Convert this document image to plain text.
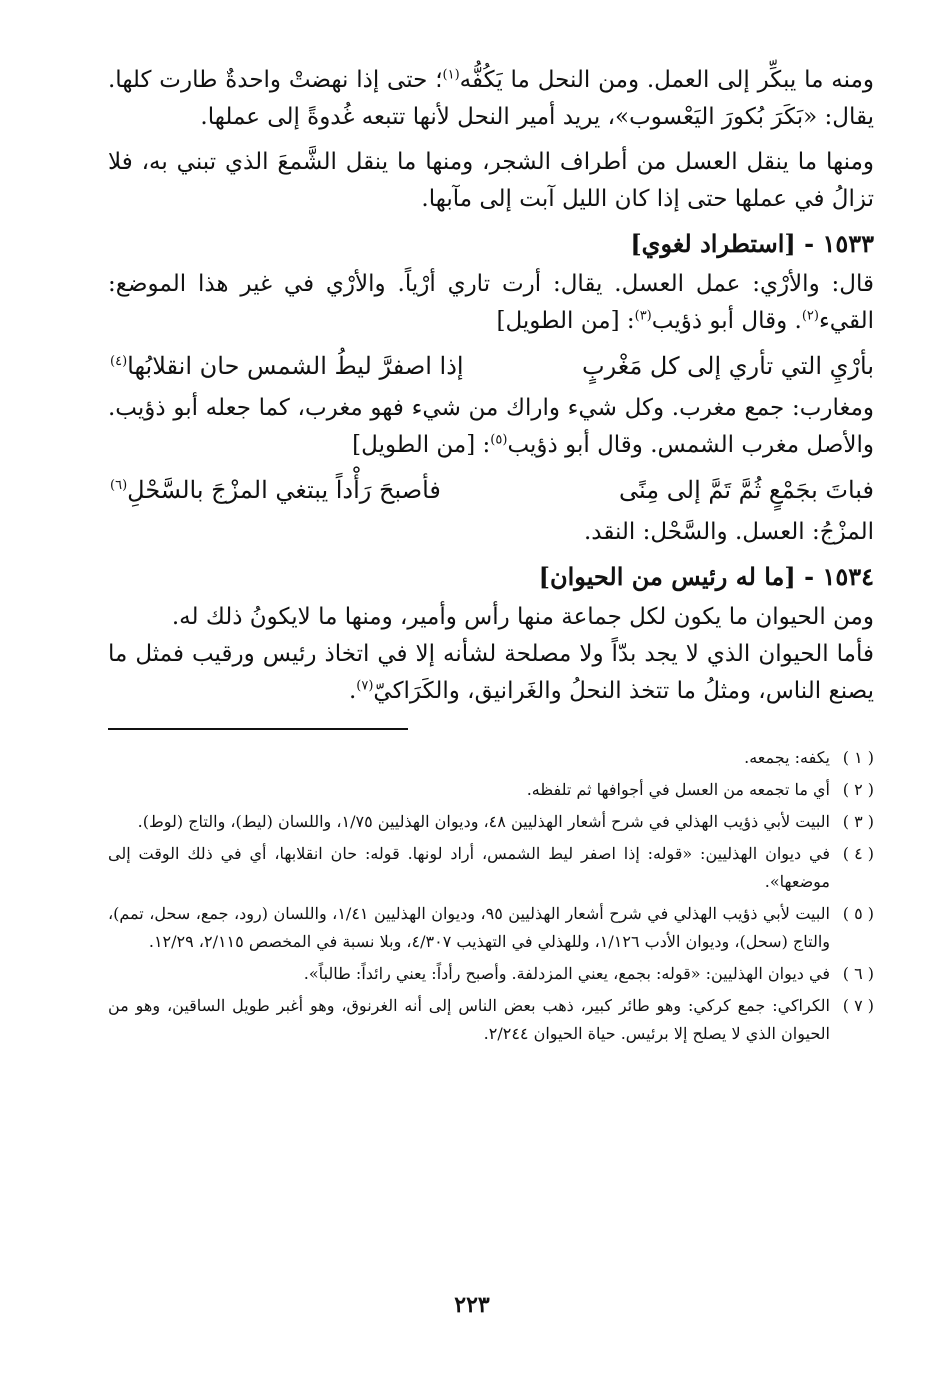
ومنه ما يبكِّر إلى العمل. ومن النحل ما يَكُفُّه$^{(١)}$؛ حتى إذا نهضتْ واحدةٌ طارت كلها. يقال: «بَكَرَ بُكورَ اليَعْسوب»، يريد أمير النحل لأنها تتبعه غُدوةً إلى عملها.

ومنها ما ينقل العسل من أطراف الشجر، ومنها ما ينقل الشَّمعَ الذي تبني به، فلا تزالُ في عملها حتى إذا كان الليل آبت إلى مآبها.

١٥٣٣ - [استطراد لغوي]

قال: والأرْي: عمل العسل. يقال: أرت تاري أرْياً. والأرْي في غير هذا الموضع: القيء$^{(٢)}$. وقال أبو ذؤيب$^{(٣)}$: [من الطويل]

بأرْيِ التي تأري إلى كل مَغْربٍ
إذا اصفرَّ ليطُ الشمس حان انقلابُها$^{(٤)}$

ومغارب: جمع مغرب. وكل شيء واراك من شيء فهو مغرب، كما جعله أبو ذؤيب. والأصل مغرب الشمس. وقال أبو ذؤيب$^{(٥)}$: [من الطويل]

فباتَ بجَمْعٍ ثُمَّ تَمَّ إلى مِنًى
فأصبحَ رَأْداً يبتغي المزْجَ بالسَّحْلِ$^{(٦)}$

المزْجُ: العسل. والسَّحْل: النقد.

١٥٣٤ - [ما له رئيس من الحيوان]

ومن الحيوان ما يكون لكل جماعة منها رأس وأمير، ومنها ما لايكونُ ذلك له.

فأما الحيوان الذي لا يجد بدّاً ولا مصلحة لشأنه إلا في اتخاذ رئيس ورقيب فمثل ما يصنع الناس، ومثلُ ما تتخذ النحلُ والغَرانيق، والكَرَاكيّ$^{(٧)}$.

( ١ )
يكفه: يجمعه.
( ٢ )
أي ما تجمعه من العسل في أجوافها ثم تلفظه.
( ٣ )
البيت لأبي ذؤيب الهذلي في شرح أشعار الهذليين ٤٨، وديوان الهذليين ١/٧٥، واللسان (ليط)، والتاج (لوط).
( ٤ )
في ديوان الهذليين: «قوله: إذا اصفر ليط الشمس، أراد لونها. قوله: حان انقلابها، أي في ذلك الوقت إلى موضعها».
( ٥ )
البيت لأبي ذؤيب الهذلي في شرح أشعار الهذليين ٩٥، وديوان الهذليين ١/٤١، واللسان (رود، جمع، سحل، تمم)، والتاج (سحل)، وديوان الأدب ١/١٢٦، وللهذلي في التهذيب ٤/٣٠٧، وبلا نسبة في المخصص ٢/١١٥، ١٢/٢٩.
( ٦ )
في ديوان الهذليين: «قوله: بجمع، يعني المزدلفة. وأصبح رأداً: يعني رائداً: طالباً».
( ٧ )
الكراكي: جمع كركي: وهو طائر كبير، ذهب بعض الناس إلى أنه الغرنوق، وهو أغبر طويل الساقين، وهو من الحيوان الذي لا يصلح إلا برئيس. حياة الحيوان ٢/٢٤٤.
٢٢٣
